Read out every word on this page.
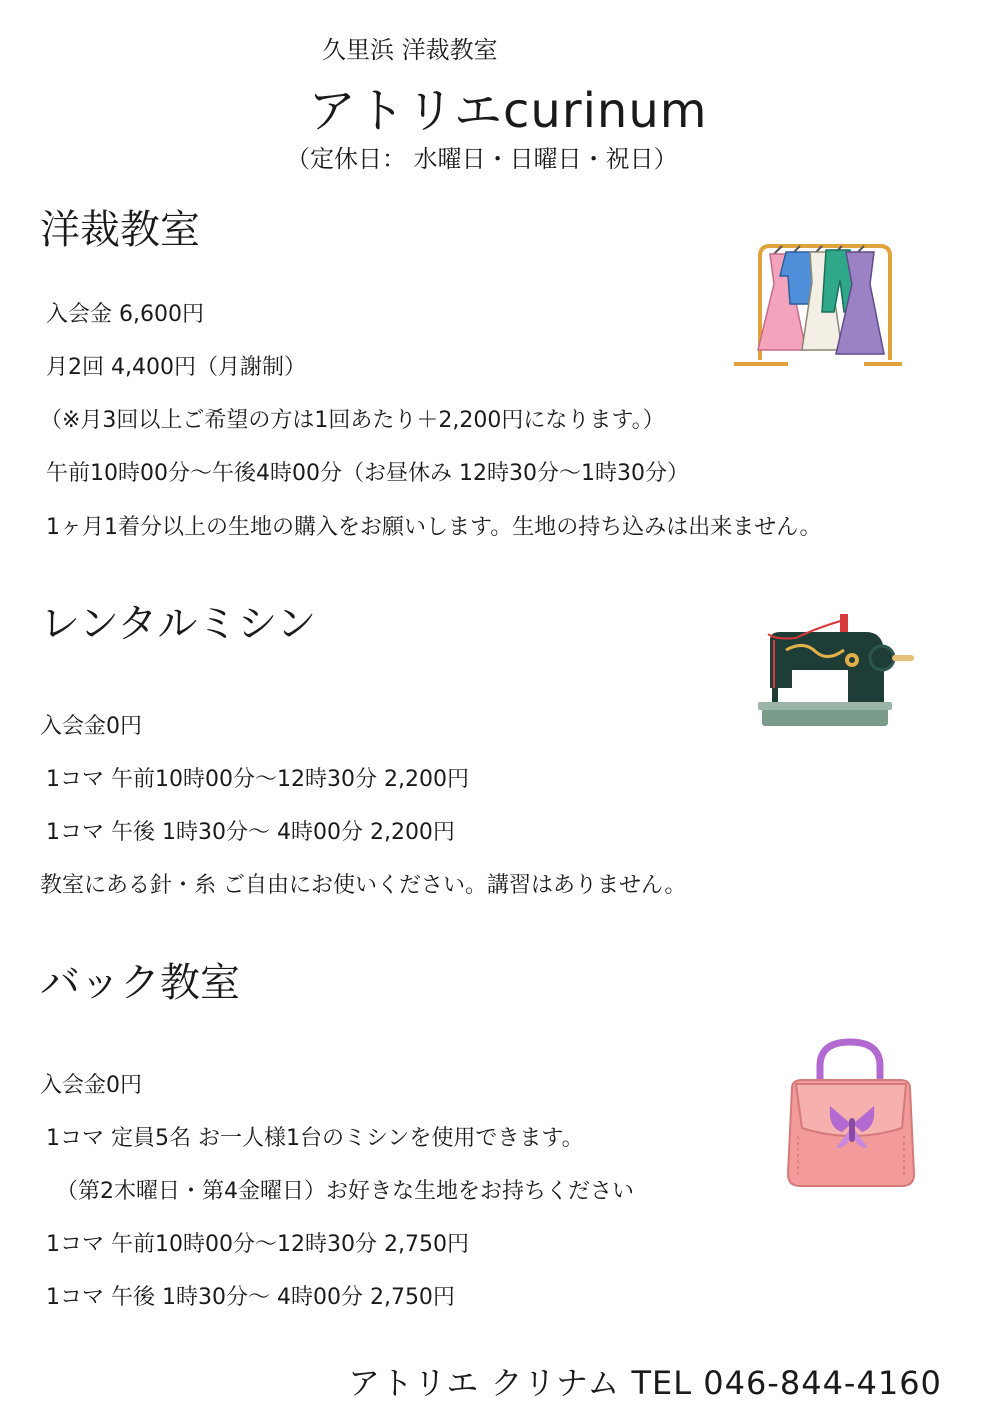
久里浜 洋裁教室
アトリエcurinum
（定休日： 水曜日・日曜日・祝日）
洋裁教室
入会金 6,600円
月2回 4,400円（月謝制）
（※月3回以上ご希望の方は1回あたり＋2,200円になります。）
午前10時00分〜午後4時00分（お昼休み 12時30分〜1時30分）
1ヶ月1着分以上の生地の購入をお願いします。生地の持ち込みは出来ません。
レンタルミシン
入会金0円
1コマ 午前10時00分〜12時30分 2,200円
1コマ 午後 1時30分〜 4時00分 2,200円
教室にある針・糸 ご自由にお使いください。講習はありません。
バック教室
入会金0円
1コマ 定員5名 お一人様1台のミシンを使用できます。
（第2木曜日・第4金曜日）お好きな生地をお持ちください
1コマ 午前10時00分〜12時30分 2,750円
1コマ 午後 1時30分〜 4時00分 2,750円
アトリエ クリナム TEL 046-844-4160
